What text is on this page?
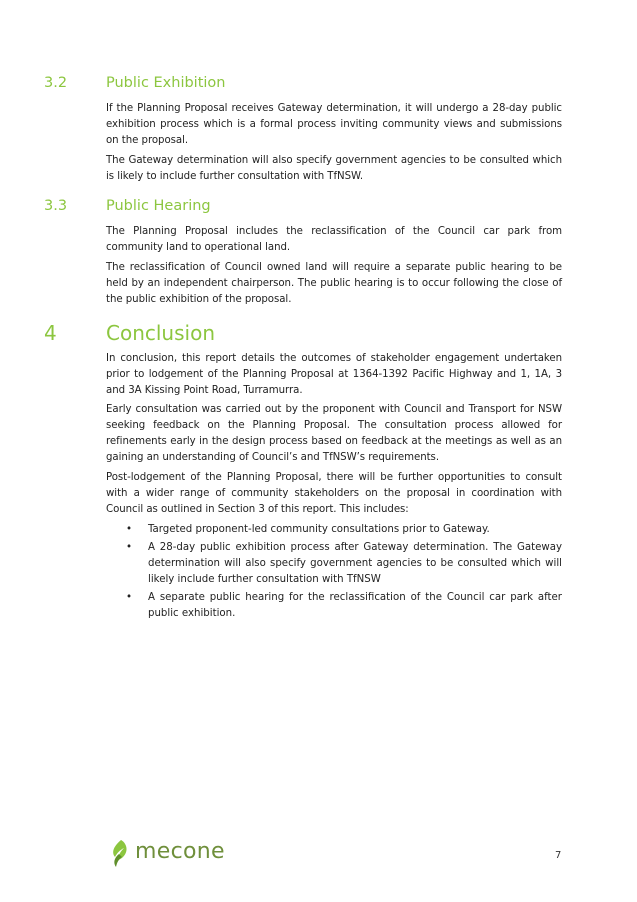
3.2	Public Exhibition

If the Planning Proposal receives Gateway determination, it will undergo a 28-day public exhibition process which is a formal process inviting community views and submissions on the proposal.

The Gateway determination will also specify government agencies to be consulted which is likely to include further consultation with TfNSW.

3.3	Public Hearing

The Planning Proposal includes the reclassification of the Council car park from community land to operational land.

The reclassification of Council owned land will require a separate public hearing to be held by an independent chairperson. The public hearing is to occur following the close of the public exhibition of the proposal.

4 Conclusion

In conclusion, this report details the outcomes of stakeholder engagement undertaken prior to lodgement of the Planning Proposal at 1364-1392 Pacific Highway and 1, 1A, 3 and 3A Kissing Point Road, Turramurra.

Early consultation was carried out by the proponent with Council and Transport for NSW seeking feedback on the Planning Proposal. The consultation process allowed for refinements early in the design process based on feedback at the meetings as well as an gaining an understanding of Council’s and TfNSW’s requirements.

Post-lodgement of the Planning Proposal, there will be further opportunities to consult with a wider range of community stakeholders on the proposal in coordination with Council as outlined in Section 3 of this report. This includes:

• Targeted proponent-led community consultations prior to Gateway.
• A 28-day public exhibition process after Gateway determination. The Gateway determination will also specify government agencies to be consulted which will likely include further consultation with TfNSW
• A separate public hearing for the reclassification of the Council car park after public exhibition.
mecone	7
